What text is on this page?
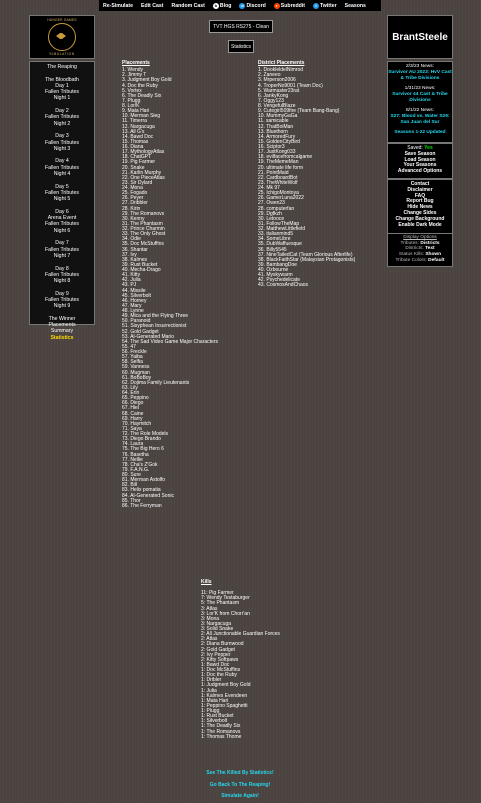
Re-Simulate	Edit Cast	Random Cast	b Blog	d Discord	r Subreddit	t Twitter	Seasons
HUNGER GAMES
SIMULATION
The Reaping

The Bloodbath
Day 1
Fallen Tributes
Night 1

Day 2
Fallen Tributes
Night 2

Day 3
Fallen Tributes
Night 3

Day 4
Fallen Tributes
Night 4

Day 5
Fallen Tributes
Night 5

Day 6
Arena Event
Fallen Tributes
Night 6

Day 7
Fallen Tributes
Night 7

Day 8
Fallen Tributes
Night 8

Day 9
Fallen Tributes
Night 9

The Winner
Placements
Summary
Statistics
BrantSteele
2/3/23 News:
Survivor AU 2023: HvV Cast & Tribe Divisions
1/31/23 News:
Survivor 44 Cast & Tribe Divisions
8/1/22 News:
S27: Blood vs. Water S29: San Juan del Sur
Seasons 1-22 Updated
Saved: Yes
Save Season
Load Season
Your Seasons
Advanced Options
Contact
Disclaimer
FAQ
Report Bug
Hide News
Change Sides
Change Background
Enable Dark Mode
Display Options
Tributes: Districts
Districts: Text
Status Kills: Shown
Tribute Colors: Default
TVT HGS RS275 - Clean
Statistics
Placements
1. Wendy
2. Jimmy T
3. Judgment Boy Gold
4. Doc the Ruby
5. Vortex
6. The Deadly Six
7. Plugg
8. Lor/K
9. Mata Hari
10. Merman Sieg
11. Timerra
12. Nargacuga
13. All G's
14. Bawd Doc
15. Thomas
16. Diana
17. MythologyAtlas
18. ChatGPT
19. Pig Farmer
20. Snake
21. Karlin Murphy
22. One PieceAtlas
23. Sir Dylard
24. Mona
25. Fogado
26. Peyer
27. Dribbler
28. Kirin
29. The Romanovs
30. Kenny
31. The Phantasm
32. Prince Charmin
33. The Only Ghost
34. Odie
35. Doc McStuffins
36. Shantar
37. Ivy
38. Kalmes
39. Rust Bucket
40. Mecha-Drago
41. Kitty
42. Julia
43. PJ
44. Missile
45. Silverbolt
46. Horney
47. Mary
48. Lynne
49. Mica and the Flying Three
50. Paranoid
51. Sisyphean Insurrectionist
52. Gold Gadget
53. AI-Generated Mario
54. The Sad Video Game Major Characters
55. 47
56. Freckle
57. Yaiba
58. Selfia
59. Vanness
60. Mugman
61. BoBoBoy
62. Dojima Family Lieutenants
63. Lily
64. Erin
65. Peppino
66. Diego
67. Hiel
68. Caine
69. Harry
70. Haymitch
71. Saya
72. The Role Models
73. Diego Brando
74. Laura
75. The Big Hero 6
76. Basetha
77. Nellie
78. Cha's Z'Gok
79. F.A.N.G.
80. Sure
81. Merman Astolfo
82. Bill
83. Helix pomatia
84. AI-Generated Sonic
85. Thor
86. The Ferryman
District Placements
1. DookleldelNimrod
2. Zaneeo
3. Mrperson2006
4. TroperNo9001 (Team Doc)
5. Warmaster23rat
6. JankyKong
7. Oggy123
8. VengefulBlaze
9. Cutegirl509fire (Team Bang-Bang)
10. MummyGaGa
11. samicable
12. ThatBoiMan
13. Bluethorn
14. ArmoredFury
15. GoldenCityBird
16. Sciptor3
17. JustKong033
18. evilfacefromcalgame
19. TheMemeMan
20. ultimate life form
21. PointMaid
22. CardboardBot
23. TheWhiteWolf
24. Mk 97
25. IchigoMontoya
26. GamerLuna2022
27. Owen23
28. computerfan
29. Dgfkzh
30. Letooce
31. FollowTheMap
32. MatthewLittlefield
33. italianmind5
34. SomeLibre
35. DubWaffuesque
36. Billy5545
37. NineTailedCat (Team Glorious Afterlife)
38. BlackFaithStar (Malaysian Protagonists)
39. BambangDoe
40. Ozbourne
41. Myskywarm
42. Psychedelicate
43. CosmosAndChaos
Kills
11: Pig Farmer
7: Wendy Testaburger
5: The Phantasm
3: Atlas
3: Lor'K from Chorr'an
3: Mona
3: Nargacuga
3: Solid Snake
2: All Junctionable Guardian Forces
2: Atlas
2: Diana Burnwood
2: Gold Gadget
2: Ivy Pepper
2: Kitty Softpaws
1: Bawd Doc
1: Doc McStuffins
1: Doc the Ruby
1: Dribler
1: Judgment Boy Gold
1: Julia
1: Kalmes Evendeen
1: Mata Hari
1: Peppino Spaghetti
1: Plugg
1: Rust Bucket
1: Silverbolt
1: The Deadly Six
1: The Romanovs
1: Thomas Thome
See The Killed By Statistics!
Go Back To The Reaping!
Simulate Again!
